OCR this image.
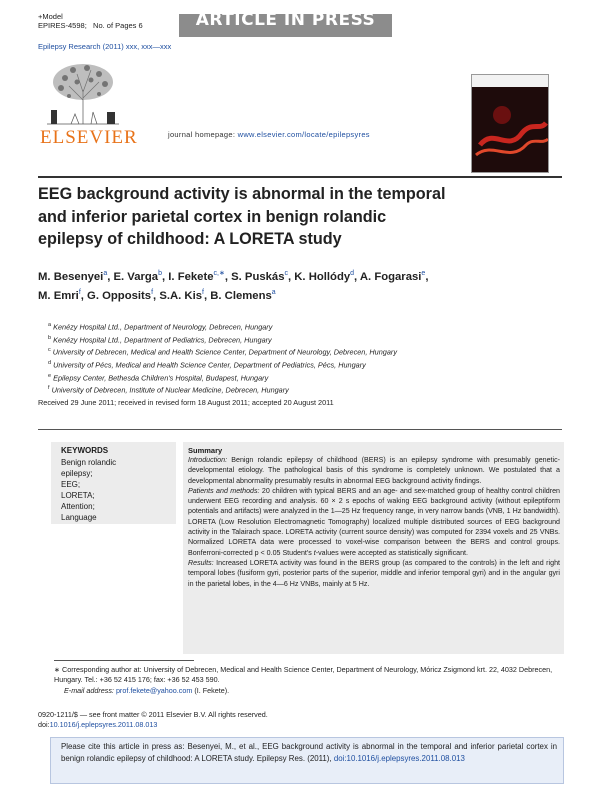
+Model
EPIRES-4598; No. of Pages 6	ARTICLE IN PRESS
Epilepsy Research (2011) xxx, xxx—xxx
ELSEVIER	journal homepage: www.elsevier.com/locate/epilepsyres
EEG background activity is abnormal in the temporal
and inferior parietal cortex in benign rolandic
epilepsy of childhood: A LORETA study
M. Besenyei$^a$, E. Varga$^b$, I. Fekete$^{c,∗}$, S. Puskás$^c$, K. Hollódy$^d$, A. Fogarasi$^e$,
M. Emri$^f$, G. Opposits$^f$, S.A. Kis$^f$, B. Clemens$^a$
$^a$ Kenézy Hospital Ltd., Department of Neurology, Debrecen, Hungary
$^b$ Kenézy Hospital Ltd., Department of Pediatrics, Debrecen, Hungary
$^c$ University of Debrecen, Medical and Health Science Center, Department of Neurology, Debrecen, Hungary
$^d$ University of Pécs, Medical and Health Science Center, Department of Pediatrics, Pécs, Hungary
$^e$ Epilepsy Center, Bethesda Children's Hospital, Budapest, Hungary
$^f$ University of Debrecen, Institute of Nuclear Medicine, Debrecen, Hungary
Received 29 June 2011; received in revised form 18 August 2011; accepted 20 August 2011
KEYWORDS
Benign rolandic
epilepsy;
EEG;
LORETA;
Attention;
Language
Summary
Introduction: Benign rolandic epilepsy of childhood (BERS) is an epilepsy syndrome with presumably genetic-developmental etiology. The pathological basis of this syndrome is completely unknown. We postulated that a developmental abnormality presumably results in abnormal EEG background activity findings.
Patients and methods: 20 children with typical BERS and an age- and sex-matched group of healthy control children underwent EEG recording and analysis. 60 × 2 s epochs of waking EEG background activity (without epileptiform potentials and artifacts) were analyzed in the 1—25 Hz frequency range, in very narrow bands (VNB, 1 Hz bandwidth). LORETA (Low Resolution Electromagnetic Tomography) localized multiple distributed sources of EEG background activity in the Talairach space. LORETA activity (current source density) was computed for 2394 voxels and 25 VNBs. Normalized LORETA data were processed to voxel-wise comparison between the BERS and control groups. Bonferroni-corrected p < 0.05 Student's t-values were accepted as statistically significant.
Results: Increased LORETA activity was found in the BERS group (as compared to the controls) in the left and right temporal lobes (fusiform gyri, posterior parts of the superior, middle and inferior temporal gyri) and in the angular gyri in the parietal lobes, in the 4—6 Hz VNBs, mainly at 5 Hz.
∗ Corresponding author at: University of Debrecen, Medical and Health Science Center, Department of Neurology, Móricz Zsigmond krt. 22, 4032 Debrecen, Hungary. Tel.: +36 52 415 176; fax: +36 52 453 590.
E-mail address: prof.fekete@yahoo.com (I. Fekete).
0920-1211/$ — see front matter © 2011 Elsevier B.V. All rights reserved.
doi:10.1016/j.eplepsyres.2011.08.013
Please cite this article in press as: Besenyei, M., et al., EEG background activity is abnormal in the temporal and inferior parietal cortex in benign rolandic epilepsy of childhood: A LORETA study. Epilepsy Res. (2011), doi:10.1016/j.eplepsyres.2011.08.013
